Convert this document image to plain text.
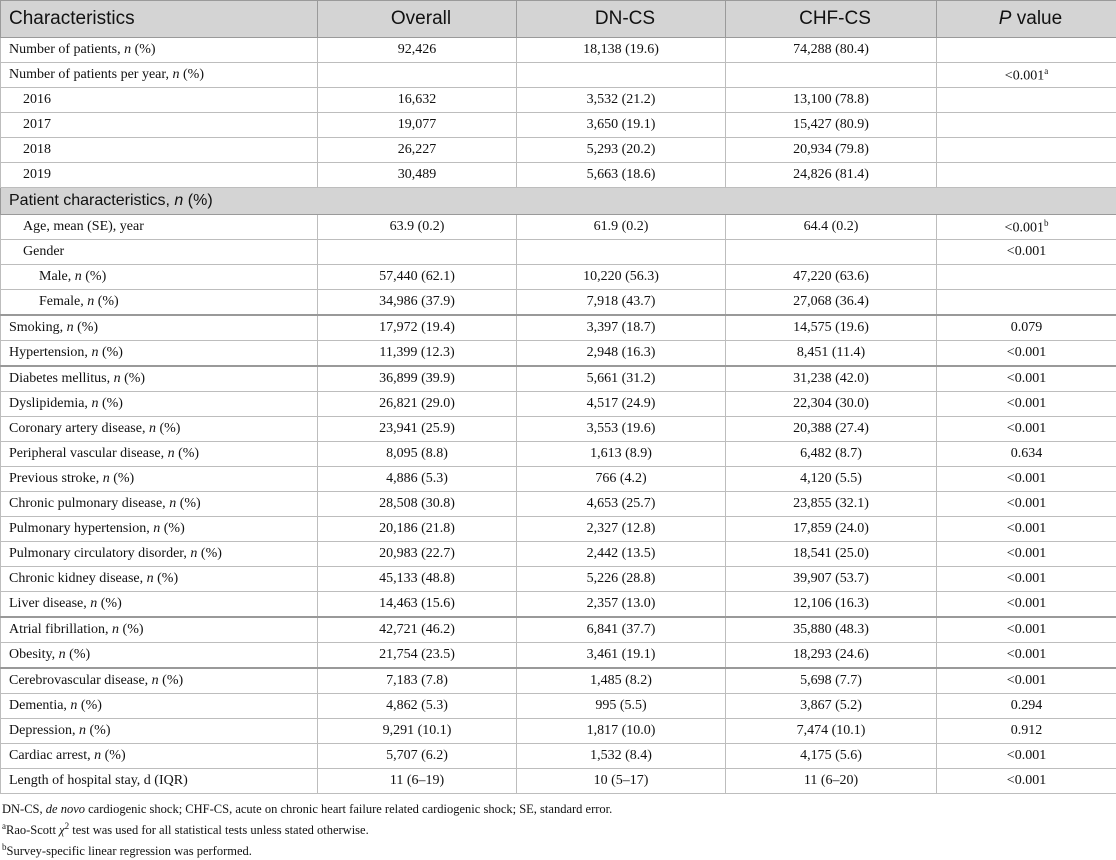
Characteristics	Overall	DN-CS	CHF-CS	P value
Number of patients, n (%)	92,426	18,138 (19.6)	74,288 (80.4)	
Number of patients per year, n (%)				<0.001$^a$
2016	16,632	3,532 (21.2)	13,100 (78.8)	
2017	19,077	3,650 (19.1)	15,427 (80.9)	
2018	26,227	5,293 (20.2)	20,934 (79.8)	
2019	30,489	5,663 (18.6)	24,826 (81.4)	
Patient characteristics, n (%)				
Age, mean (SE), year	63.9 (0.2)	61.9 (0.2)	64.4 (0.2)	<0.001$^b$
Gender				<0.001
Male, n (%)	57,440 (62.1)	10,220 (56.3)	47,220 (63.6)	
Female, n (%)	34,986 (37.9)	7,918 (43.7)	27,068 (36.4)	
Smoking, n (%)	17,972 (19.4)	3,397 (18.7)	14,575 (19.6)	0.079
Hypertension, n (%)	11,399 (12.3)	2,948 (16.3)	8,451 (11.4)	<0.001
Diabetes mellitus, n (%)	36,899 (39.9)	5,661 (31.2)	31,238 (42.0)	<0.001
Dyslipidemia, n (%)	26,821 (29.0)	4,517 (24.9)	22,304 (30.0)	<0.001
Coronary artery disease, n (%)	23,941 (25.9)	3,553 (19.6)	20,388 (27.4)	<0.001
Peripheral vascular disease, n (%)	8,095 (8.8)	1,613 (8.9)	6,482 (8.7)	0.634
Previous stroke, n (%)	4,886 (5.3)	766 (4.2)	4,120 (5.5)	<0.001
Chronic pulmonary disease, n (%)	28,508 (30.8)	4,653 (25.7)	23,855 (32.1)	<0.001
Pulmonary hypertension, n (%)	20,186 (21.8)	2,327 (12.8)	17,859 (24.0)	<0.001
Pulmonary circulatory disorder, n (%)	20,983 (22.7)	2,442 (13.5)	18,541 (25.0)	<0.001
Chronic kidney disease, n (%)	45,133 (48.8)	5,226 (28.8)	39,907 (53.7)	<0.001
Liver disease, n (%)	14,463 (15.6)	2,357 (13.0)	12,106 (16.3)	<0.001
Atrial fibrillation, n (%)	42,721 (46.2)	6,841 (37.7)	35,880 (48.3)	<0.001
Obesity, n (%)	21,754 (23.5)	3,461 (19.1)	18,293 (24.6)	<0.001
Cerebrovascular disease, n (%)	7,183 (7.8)	1,485 (8.2)	5,698 (7.7)	<0.001
Dementia, n (%)	4,862 (5.3)	995 (5.5)	3,867 (5.2)	0.294
Depression, n (%)	9,291 (10.1)	1,817 (10.0)	7,474 (10.1)	0.912
Cardiac arrest, n (%)	5,707 (6.2)	1,532 (8.4)	4,175 (5.6)	<0.001
Length of hospital stay, d (IQR)	11 (6–19)	10 (5–17)	11 (6–20)	<0.001
DN-CS, de novo cardiogenic shock; CHF-CS, acute on chronic heart failure related cardiogenic shock; SE, standard error.
$^a$Rao-Scott $\chi^2$ test was used for all statistical tests unless stated otherwise.
$^b$Survey-specific linear regression was performed.
